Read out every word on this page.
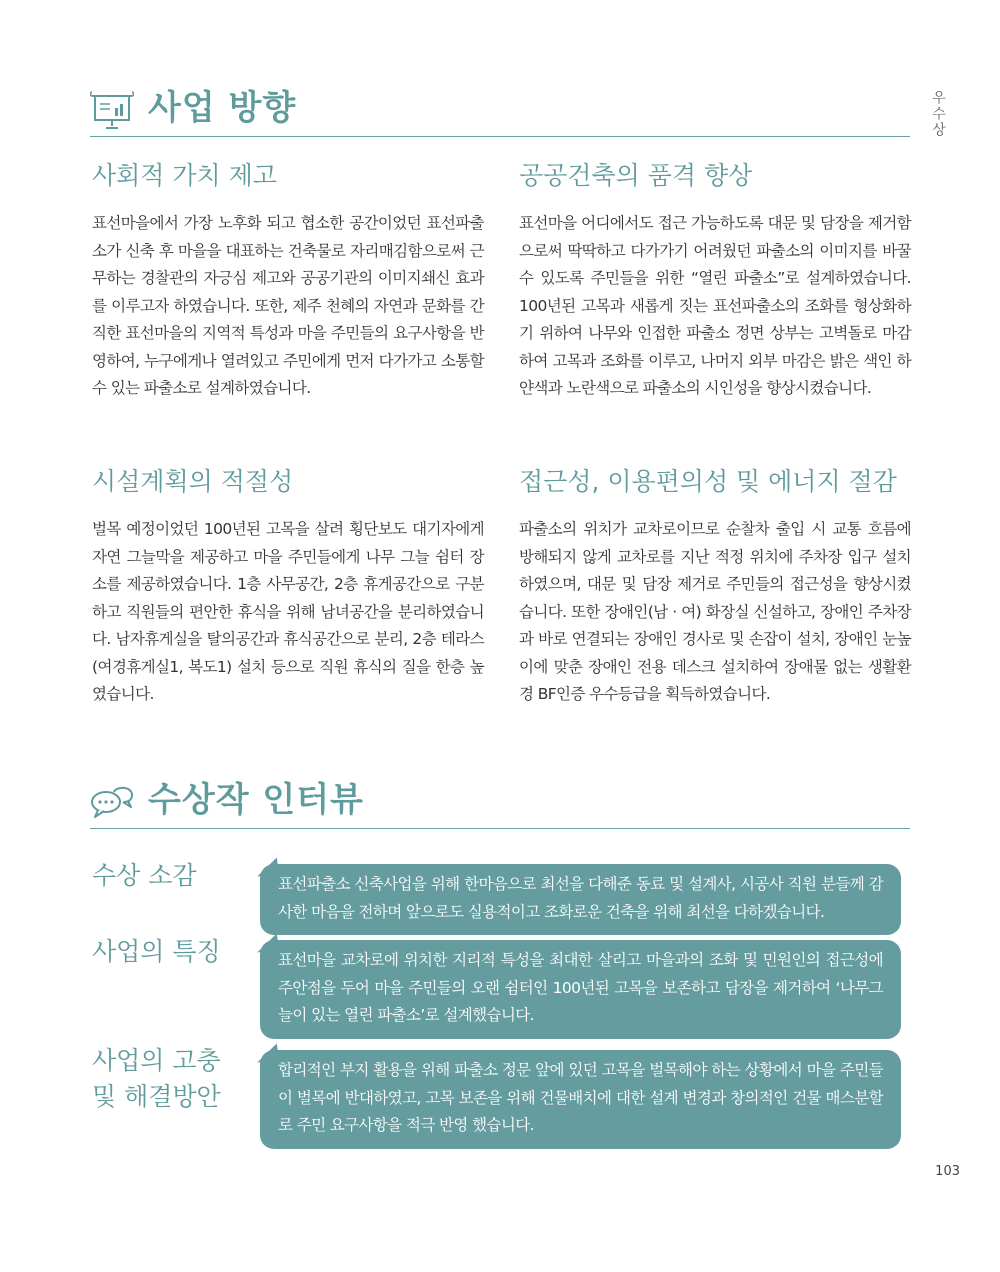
우수상
사업 방향
사회적 가치 제고

표선마을에서 가장 노후화 되고 협소한 공간이었던 표선파출소가 신축 후 마을을 대표하는 건축물로 자리매김함으로써 근무하는 경찰관의 자긍심 제고와 공공기관의 이미지쇄신 효과를 이루고자 하였습니다. 또한, 제주 천혜의 자연과 문화를 간직한 표선마을의 지역적 특성과 마을 주민들의 요구사항을 반영하여, 누구에게나 열려있고 주민에게 먼저 다가가고 소통할 수 있는 파출소로 설계하였습니다.

공공건축의 품격 향상

표선마을 어디에서도 접근 가능하도록 대문 및 담장을 제거함으로써 딱딱하고 다가가기 어려웠던 파출소의 이미지를 바꿀 수 있도록 주민들을 위한 “열린 파출소”로 설계하였습니다. 100년된 고목과 새롭게 짓는 표선파출소의 조화를 형상화하기 위하여 나무와 인접한 파출소 정면 상부는 고벽돌로 마감하여 고목과 조화를 이루고, 나머지 외부 마감은 밝은 색인 하얀색과 노란색으로 파출소의 시인성을 향상시켰습니다.

시설계획의 적절성

벌목 예정이었던 100년된 고목을 살려 횡단보도 대기자에게 자연 그늘막을 제공하고 마을 주민들에게 나무 그늘 쉼터 장소를 제공하였습니다. 1층 사무공간, 2층 휴게공간으로 구분하고 직원들의 편안한 휴식을 위해 남녀공간을 분리하였습니다. 남자휴게실을 탈의공간과 휴식공간으로 분리, 2층 테라스(여경휴게실1, 복도1) 설치 등으로 직원 휴식의 질을 한층 높였습니다.

접근성, 이용편의성 및 에너지 절감

파출소의 위치가 교차로이므로 순찰차 출입 시 교통 흐름에 방해되지 않게 교차로를 지난 적정 위치에 주차장 입구 설치하였으며, 대문 및 담장 제거로 주민들의 접근성을 향상시켰습니다. 또한 장애인(남 · 여) 화장실 신설하고, 장애인 주차장과 바로 연결되는 장애인 경사로 및 손잡이 설치, 장애인 눈높이에 맞춘 장애인 전용 데스크 설치하여 장애물 없는 생활환경 BF인증 우수등급을 획득하였습니다.

수상작 인터뷰
수상 소감	표선파출소 신축사업을 위해 한마음으로 최선을 다해준 동료 및 설계사, 시공사 직원 분들께 감사한 마음을 전하며 앞으로도 실용적이고 조화로운 건축을 위해 최선을 다하겠습니다.
사업의 특징	표선마을 교차로에 위치한 지리적 특성을 최대한 살리고 마을과의 조화 및 민원인의 접근성에 주안점을 두어 마을 주민들의 오랜 쉼터인 100년된 고목을 보존하고 담장을 제거하여 ‘나무그늘이 있는 열린 파출소’로 설계했습니다.
사업의 고충
및 해결방안
합리적인 부지 활용을 위해 파출소 정문 앞에 있던 고목을 벌목해야 하는 상황에서 마을 주민들이 벌목에 반대하였고, 고목 보존을 위해 건물배치에 대한 설계 변경과 창의적인 건물 매스분할로 주민 요구사항을 적극 반영 했습니다.
103
